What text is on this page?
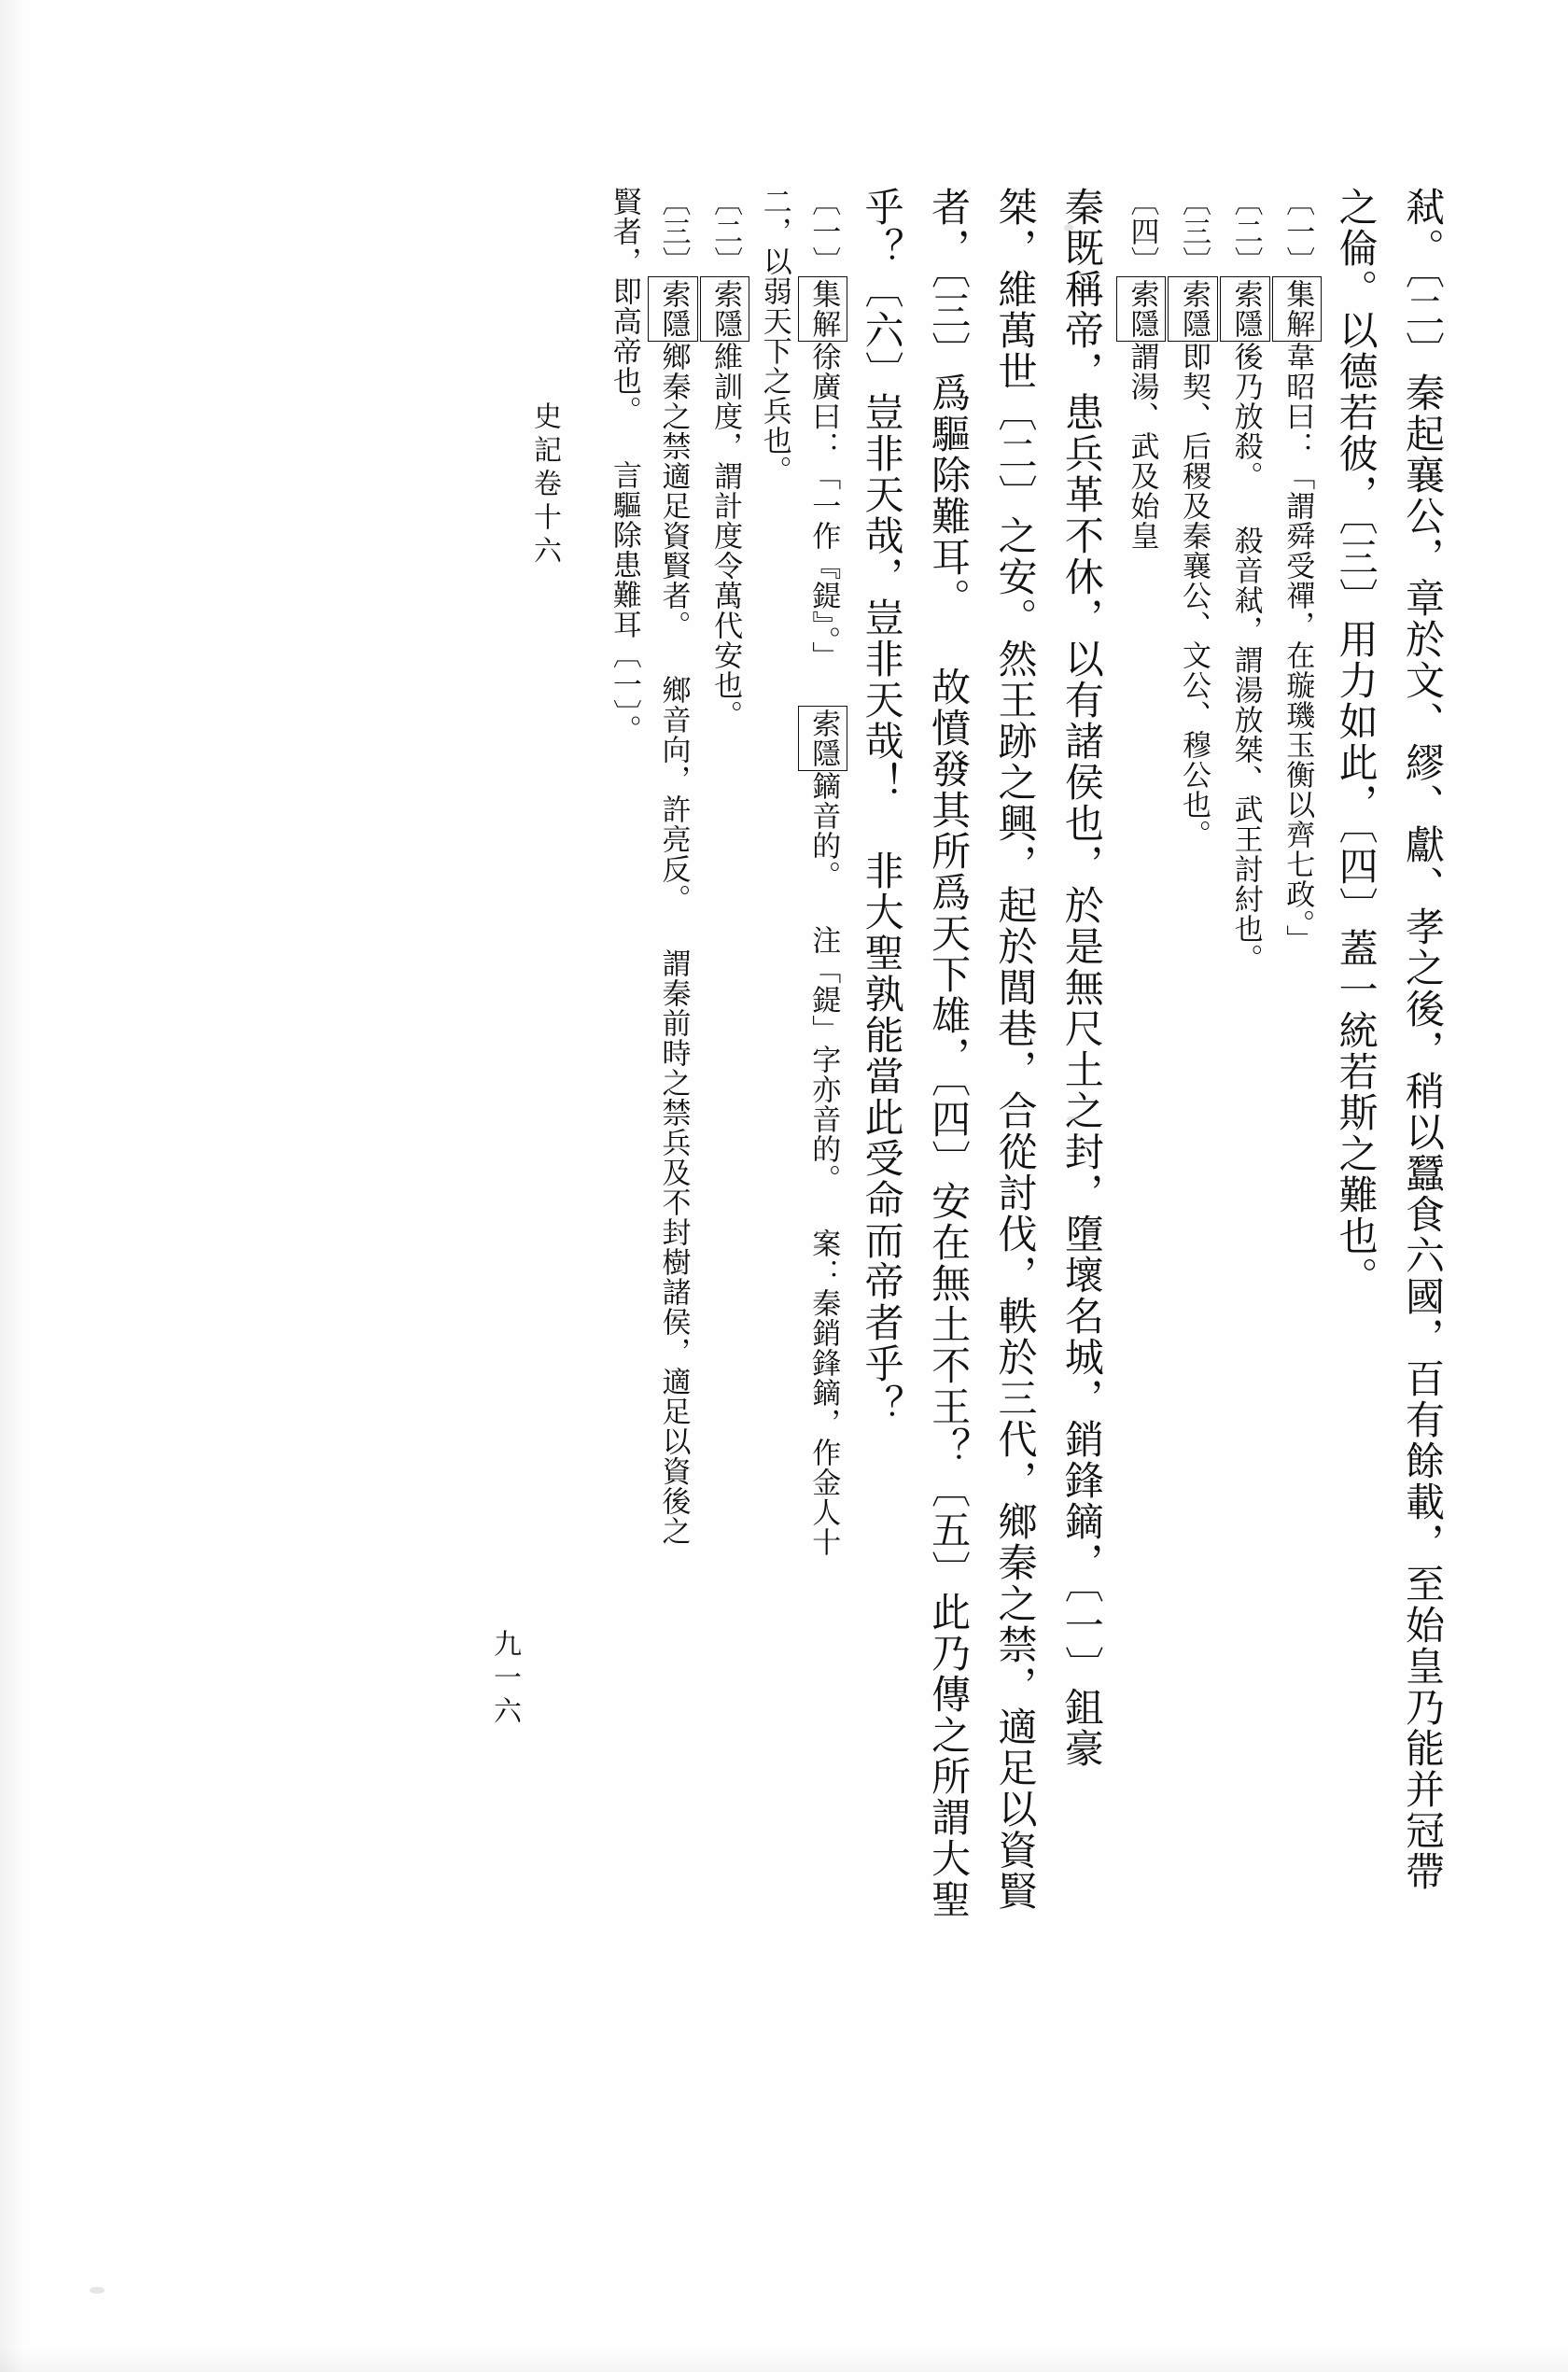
史記卷十六
九一六	弒。〔二〕秦起襄公，章於文、繆、獻、孝之後，稍以蠶食六國，百有餘載，至始皇乃能并冠帶
之倫。以德若彼，〔三〕用力如此，〔四〕蓋一統若斯之難也。
〔一〕集解韋昭曰：「謂舜受禪，在璇璣玉衡以齊七政。」
〔二〕索隱後乃放殺。 殺音弒，謂湯放桀、武王討紂也。
〔三〕索隱即契、后稷及秦襄公、文公、穆公也。
〔四〕索隱謂湯、武及始皇
秦既稱帝，患兵革不休，以有諸侯也，於是無尺土之封，墮壞名城，銷鋒鏑，〔一〕鉏豪
桀，維萬世〔二〕之安。然王跡之興，起於閭巷，合從討伐，軼於三代，鄉秦之禁，適足以資賢
者，〔三〕爲驅除難耳。 故憤發其所爲天下雄，〔四〕安在無土不王？〔五〕此乃傳之所謂大聖
乎？〔六〕豈非天哉，豈非天哉！ 非大聖孰能當此受命而帝者乎？
〔一〕集解徐廣曰：「一作『鍉』。」 索隱鏑音的。 注「鍉」字亦音的。 案：秦銷鋒鏑，作金人十
二，以弱天下之兵也。
〔二〕索隱維訓度，謂計度令萬代安也。
〔三〕索隱鄉秦之禁適足資賢者。 鄉音向，許亮反。 謂秦前時之禁兵及不封樹諸侯，適足以資後之
賢者，即高帝也。 言驅除患難耳〔一〕。
